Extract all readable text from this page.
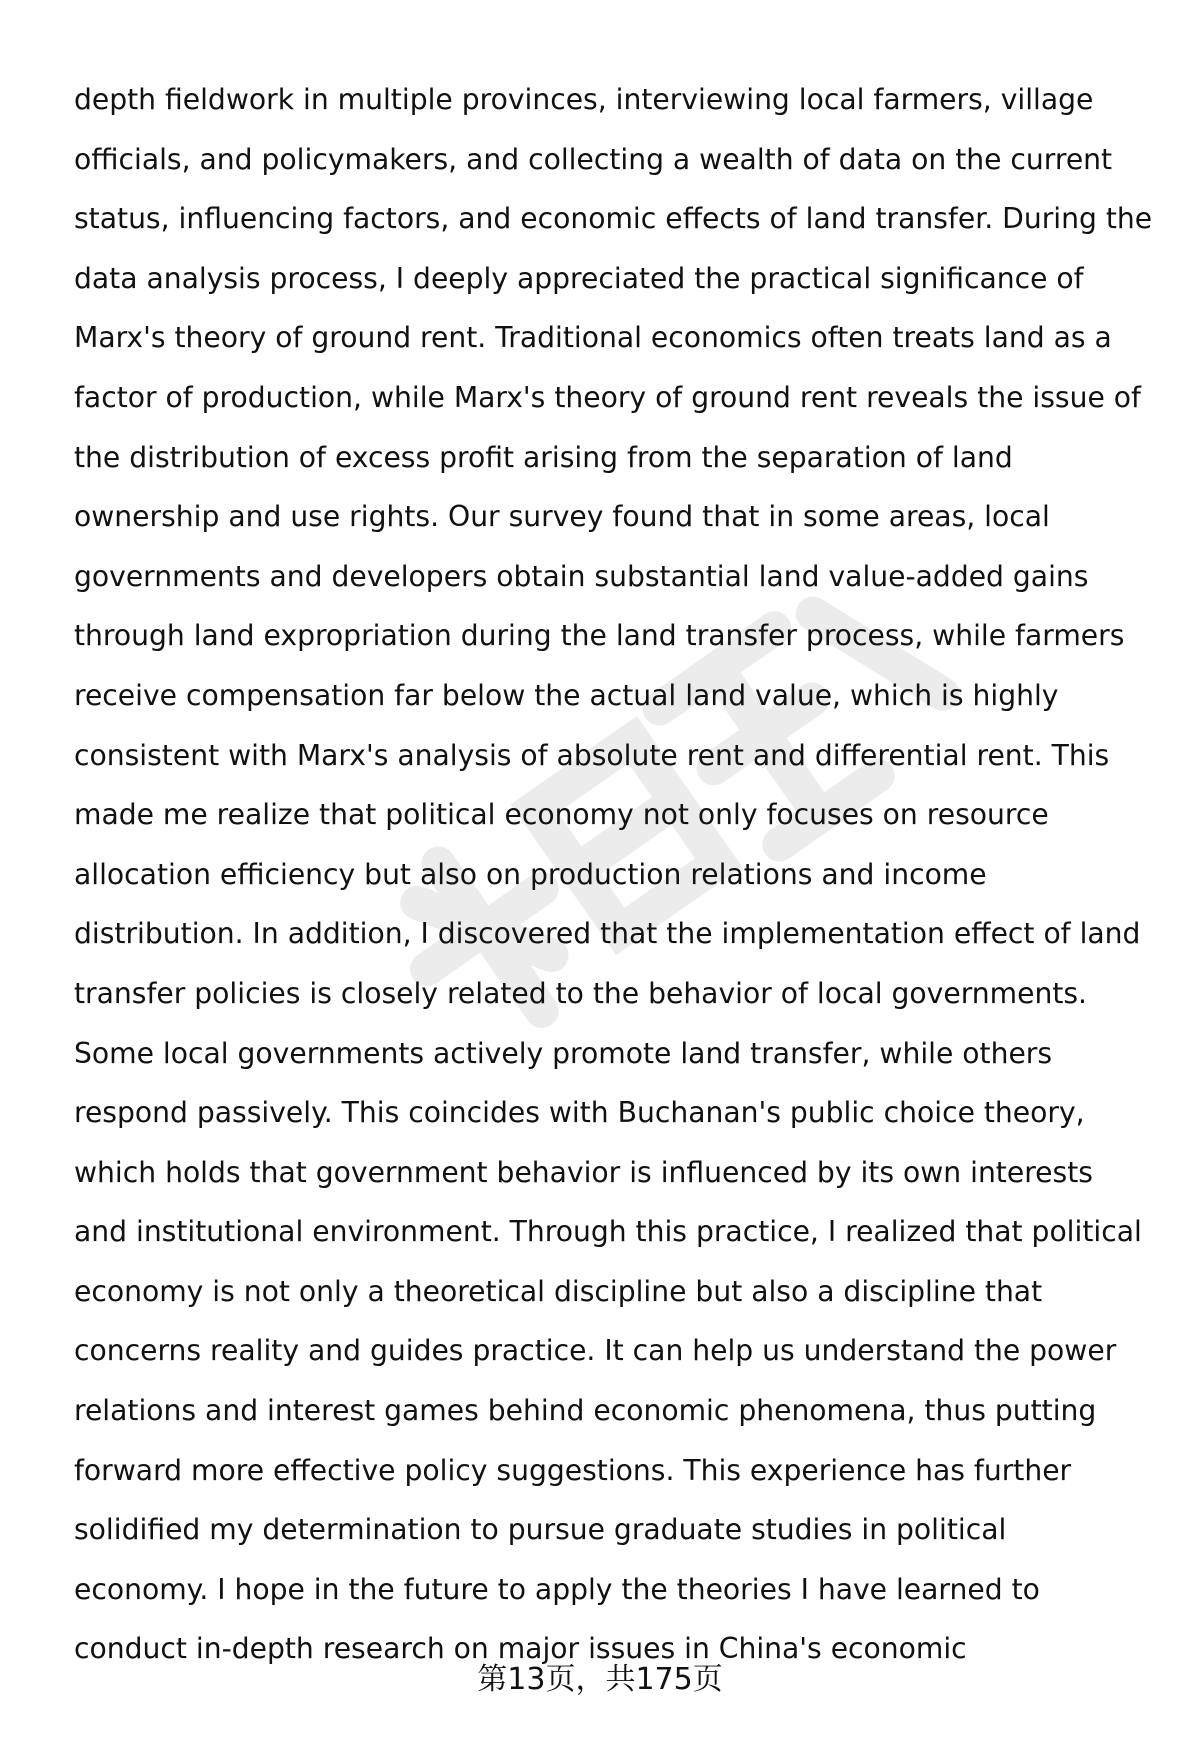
depth fieldwork in multiple provinces, interviewing local farmers, village
officials, and policymakers, and collecting a wealth of data on the current
status, influencing factors, and economic effects of land transfer. During the
data analysis process, I deeply appreciated the practical significance of
Marx's theory of ground rent. Traditional economics often treats land as a
factor of production, while Marx's theory of ground rent reveals the issue of
the distribution of excess profit arising from the separation of land
ownership and use rights. Our survey found that in some areas, local
governments and developers obtain substantial land value-added gains
through land expropriation during the land transfer process, while farmers
receive compensation far below the actual land value, which is highly
consistent with Marx's analysis of absolute rent and differential rent. This
made me realize that political economy not only focuses on resource
allocation efficiency but also on production relations and income
distribution. In addition, I discovered that the implementation effect of land
transfer policies is closely related to the behavior of local governments.
Some local governments actively promote land transfer, while others
respond passively. This coincides with Buchanan's public choice theory,
which holds that government behavior is influenced by its own interests
and institutional environment. Through this practice, I realized that political
economy is not only a theoretical discipline but also a discipline that
concerns reality and guides practice. It can help us understand the power
relations and interest games behind economic phenomena, thus putting
forward more effective policy suggestions. This experience has further
solidified my determination to pursue graduate studies in political
economy. I hope in the future to apply the theories I have learned to
conduct in-depth research on major issues in China's economic
第13页，共175页
